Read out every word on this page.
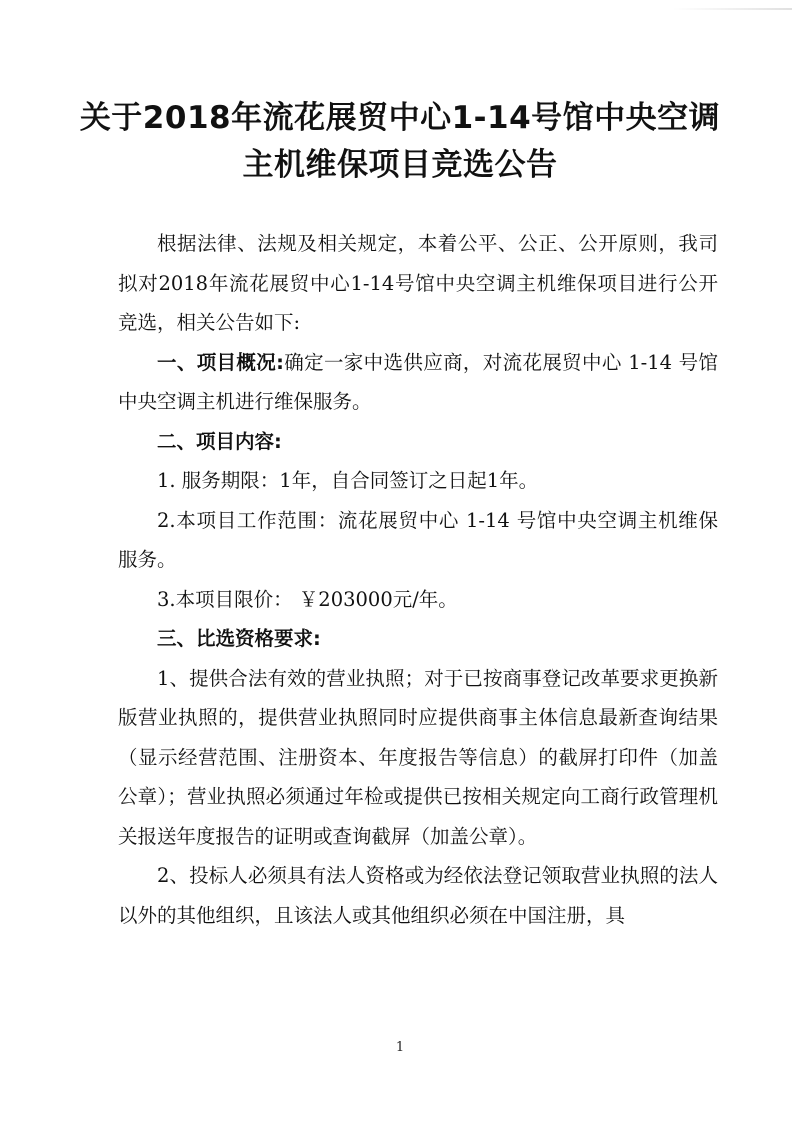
关于2018年流花展贸中心1-14号馆中央空调
主机维保项目竞选公告

根据法律、法规及相关规定，本着公平、公正、公开原则，我司拟对2018年流花展贸中心1-14号馆中央空调主机维保项目进行公开竞选，相关公告如下:

一、项目概况:确定一家中选供应商，对流花展贸中心 1-14 号馆中央空调主机进行维保服务。

二、项目内容:

1. 服务期限：1年，自合同签订之日起1年。

2.本项目工作范围：流花展贸中心 1-14 号馆中央空调主机维保服务。

3.本项目限价： ￥203000元/年。

三、比选资格要求:

1、提供合法有效的营业执照；对于已按商事登记改革要求更换新版营业执照的，提供营业执照同时应提供商事主体信息最新查询结果（显示经营范围、注册资本、年度报告等信息）的截屏打印件（加盖公章）；营业执照必须通过年检或提供已按相关规定向工商行政管理机关报送年度报告的证明或查询截屏（加盖公章）。

2、投标人必须具有法人资格或为经依法登记领取营业执照的法人以外的其他组织，且该法人或其他组织必须在中国注册，具

1
